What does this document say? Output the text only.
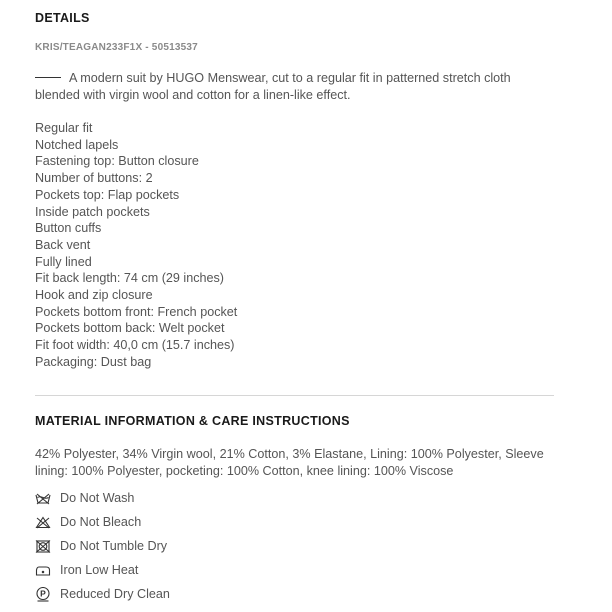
DETAILS
KRIS/TEAGAN233F1X - 50513537
A modern suit by HUGO Menswear, cut to a regular fit in patterned stretch cloth blended with virgin wool and cotton for a linen-like effect.
Regular fit
Notched lapels
Fastening top: Button closure
Number of buttons: 2
Pockets top: Flap pockets
Inside patch pockets
Button cuffs
Back vent
Fully lined
Fit back length: 74 cm (29 inches)
Hook and zip closure
Pockets bottom front: French pocket
Pockets bottom back: Welt pocket
Fit foot width: 40,0 cm (15.7 inches)
Packaging: Dust bag
MATERIAL INFORMATION & CARE INSTRUCTIONS
42% Polyester, 34% Virgin wool, 21% Cotton, 3% Elastane, Lining: 100% Polyester, Sleeve lining: 100% Polyester, pocketing: 100% Cotton, knee lining: 100% Viscose
Do Not Wash
Do Not Bleach
Do Not Tumble Dry
Iron Low Heat
P Reduced Dry Clean
